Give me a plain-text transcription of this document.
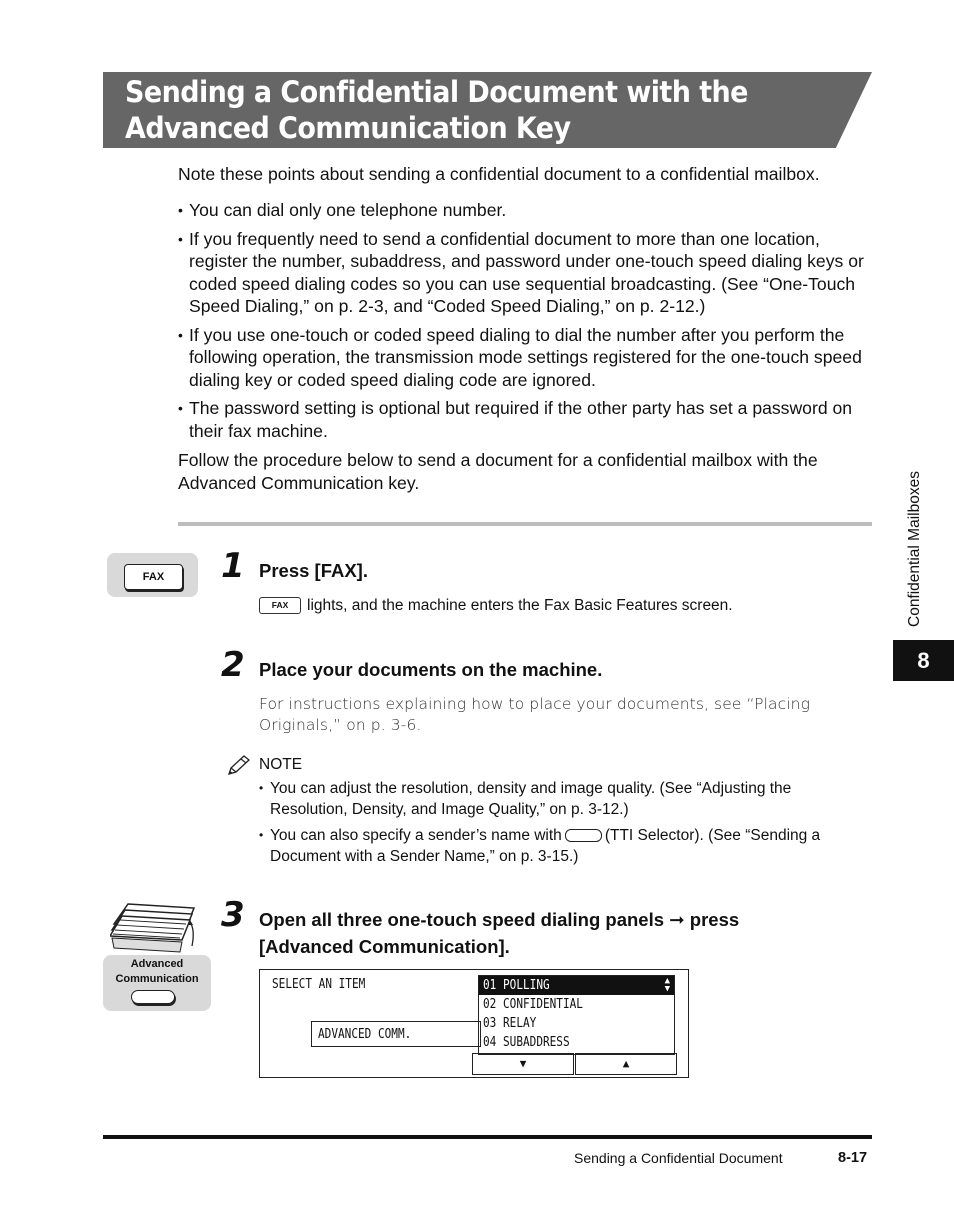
Sending a Confidential Document with the Advanced Communication Key
Note these points about sending a confidential document to a confidential mailbox.
• You can dial only one telephone number.
• If you frequently need to send a confidential document to more than one location, register the number, subaddress, and password under one-touch speed dialing keys or coded speed dialing codes so you can use sequential broadcasting. (See “One-Touch Speed Dialing,” on p. 2-3, and “Coded Speed Dialing,” on p. 2-12.)
• If you use one-touch or coded speed dialing to dial the number after you perform the following operation, the transmission mode settings registered for the one-touch speed dialing key or coded speed dialing code are ignored.
• The password setting is optional but required if the other party has set a password on their fax machine.
Follow the procedure below to send a document for a confidential mailbox with the Advanced Communication key.
FAX	1 Press [FAX].
FAX lights, and the machine enters the Fax Basic Features screen.
2 Place your documents on the machine.
For instructions explaining how to place your documents, see “Placing Originals,” on p. 3-6.
NOTE
• You can adjust the resolution, density and image quality. (See “Adjusting the Resolution, Density, and Image Quality,” on p. 3-12.)
• You can also specify a sender’s name with	(TTI Selector). (See “Sending a Document with a Sender Name,” on p. 3-15.)
Advanced
Communication
3 Open all three one-touch speed dialing panels ➞ press
[Advanced Communication].
SELECT AN ITEM
ADVANCED COMM.
01 POLLING	▲
▼
02 CONFIDENTIAL
03 RELAY
04 SUBADDRESS
▼	▲
Confidential Mailboxes
8
Sending a Confidential Document	8-17
